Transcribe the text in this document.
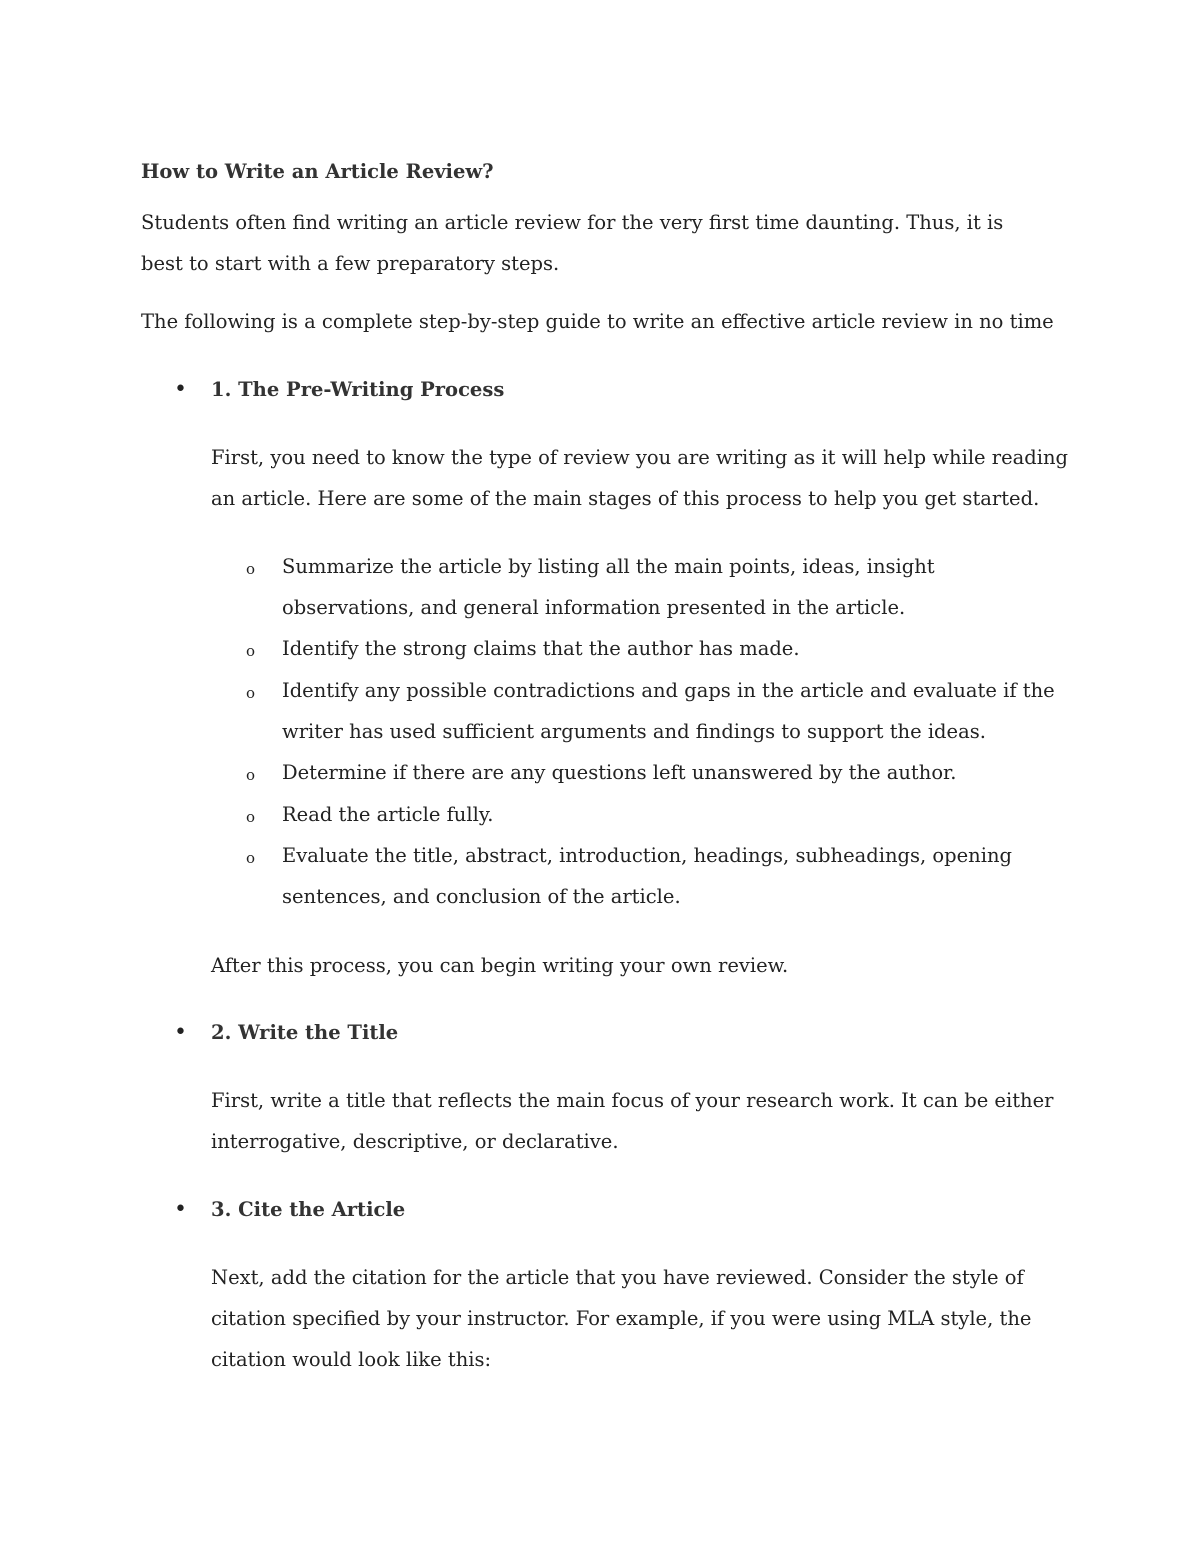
How to Write an Article Review?

Students often find writing an article review for the very first time daunting. Thus, it is best to start with a few preparatory steps.

The following is a complete step-by-step guide to write an effective article review in no time

• 1. The Pre-Writing Process

First, you need to know the type of review you are writing as it will help while reading an article. Here are some of the main stages of this process to help you get started.

o Summarize the article by listing all the main points, ideas, insight observations, and general information presented in the article.
o Identify the strong claims that the author has made.
o Identify any possible contradictions and gaps in the article and evaluate if the writer has used sufficient arguments and findings to support the ideas.
o Determine if there are any questions left unanswered by the author.
o Read the article fully.
o Evaluate the title, abstract, introduction, headings, subheadings, opening sentences, and conclusion of the article.

After this process, you can begin writing your own review.

• 2. Write the Title

First, write a title that reflects the main focus of your research work. It can be either interrogative, descriptive, or declarative.

• 3. Cite the Article

Next, add the citation for the article that you have reviewed. Consider the style of citation specified by your instructor. For example, if you were using MLA style, the citation would look like this:
